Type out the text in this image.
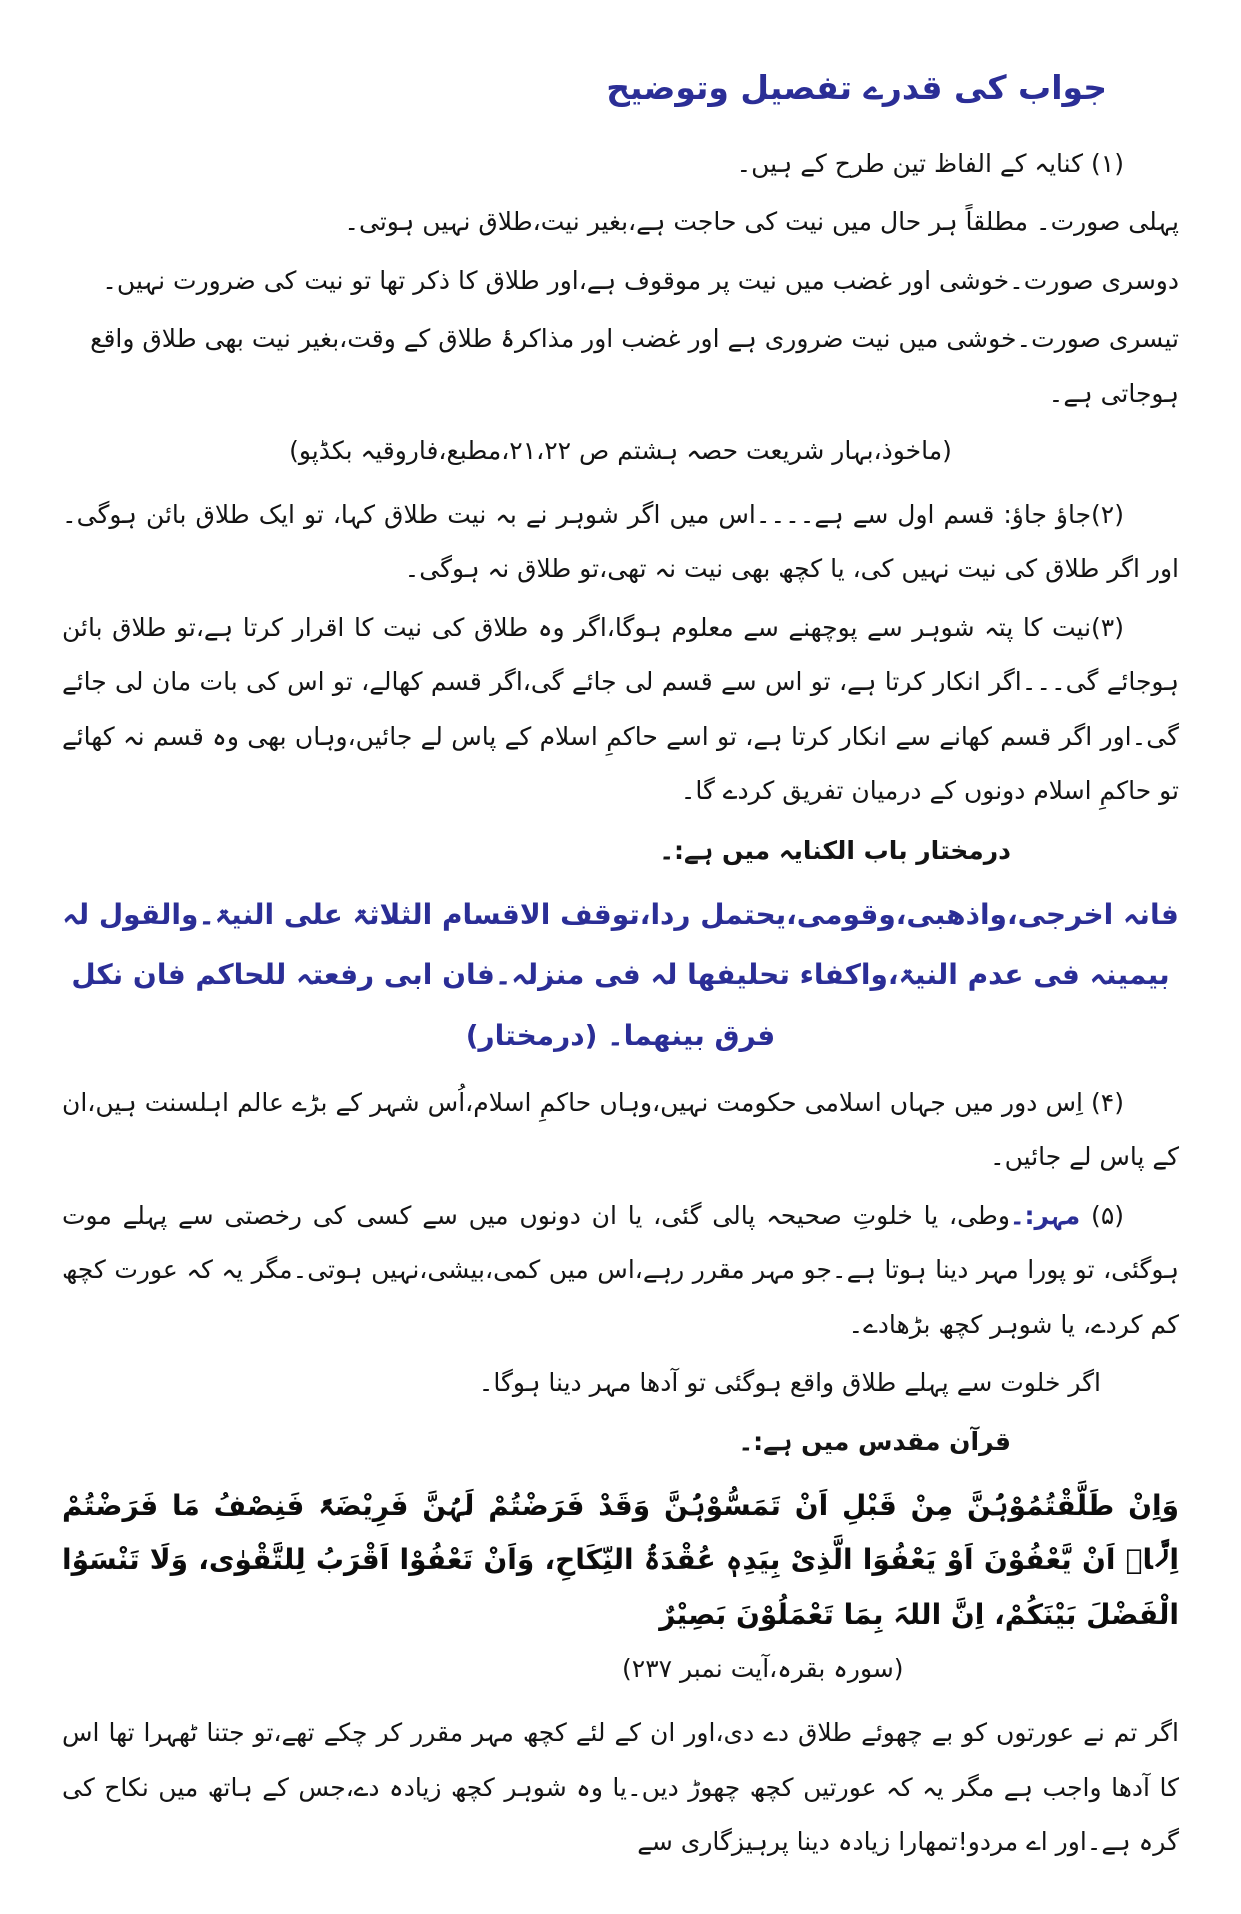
جواب کی قدرے تفصیل وتوضیح

(۱) کنایہ کے الفاظ تین طرح کے ہیں۔

پہلی صورت۔ مطلقاً ہر حال میں نیت کی حاجت ہے،بغیر نیت،طلاق نہیں ہوتی۔

دوسری صورت۔خوشی اور غضب میں نیت پر موقوف ہے،اور طلاق کا ذکر تھا تو نیت کی ضرورت نہیں۔

تیسری صورت۔خوشی میں نیت ضروری ہے اور غضب اور مذاکرۂ طلاق کے وقت،بغیر نیت بھی طلاق واقع ہوجاتی ہے۔

(ماخوذ،بہار شریعت حصہ ہشتم ص ۲۱،۲۲،مطبع،فاروقیہ بکڈپو)

(۲)جاؤ جاؤ: قسم اول سے ہے۔۔۔۔اس میں اگر شوہر نے بہ نیت طلاق کہا، تو ایک طلاق بائن ہوگی۔اور اگر طلاق کی نیت نہیں کی، یا کچھ بھی نیت نہ تھی،تو طلاق نہ ہوگی۔

(۳)نیت کا پتہ شوہر سے پوچھنے سے معلوم ہوگا،اگر وہ طلاق کی نیت کا اقرار کرتا ہے،تو طلاق بائن ہوجائے گی۔۔۔اگر انکار کرتا ہے، تو اس سے قسم لی جائے گی،اگر قسم کھالے، تو اس کی بات مان لی جائے گی۔اور اگر قسم کھانے سے انکار کرتا ہے، تو اسے حاکمِ اسلام کے پاس لے جائیں،وہاں بھی وہ قسم نہ کھائے تو حاکمِ اسلام دونوں کے درمیان تفریق کردے گا۔

درمختار باب الکنایہ میں ہے:۔

فانہ اخرجی،واذھبی،وقومی،یحتمل ردا،توقف الاقسام الثلاثۃ علی النیۃ۔والقول لہ بیمینہ فی عدم النیۃ،واکفاء تحلیفھا لہ فی منزلہ۔فان ابی رفعتہ للحاکم فان نکل فرق بینھما۔ (درمختار)

(۴) اِس دور میں جہاں اسلامی حکومت نہیں،وہاں حاکمِ اسلام،اُس شہر کے بڑے عالم اہلسنت ہیں،ان کے پاس لے جائیں۔

(۵) مہر:۔وطی، یا خلوتِ صحیحہ پالی گئی، یا ان دونوں میں سے کسی کی رخصتی سے پہلے موت ہوگئی، تو پورا مہر دینا ہوتا ہے۔جو مہر مقرر رہے،اس میں کمی،بیشی،نہیں ہوتی۔مگر یہ کہ عورت کچھ کم کردے، یا شوہر کچھ بڑھادے۔

اگر خلوت سے پہلے طلاق واقع ہوگئی تو آدھا مہر دینا ہوگا۔

قرآن مقدس میں ہے:۔

وَاِنْ طَلَّقْتُمُوْہُنَّ مِنْ قَبْلِ اَنْ تَمَسُّوْہُنَّ وَقَدْ فَرَضْتُمْ لَہُنَّ فَرِیْضَۃً فَنِصْفُ مَا فَرَضْتُمْ اِلَّاۤ اَنْ یَّعْفُوْنَ اَوْ یَعْفُوَا الَّذِیْ بِیَدِہٖ عُقْدَۃُ النِّکَاحِ، وَاَنْ تَعْفُوْا اَقْرَبُ لِلتَّقْوٰی، وَلَا تَنْسَوُا الْفَضْلَ بَیْنَکُمْ، اِنَّ اللہَ بِمَا تَعْمَلُوْنَ بَصِیْرٌ

(سورہ بقرہ،آیت نمبر ۲۳۷)

اگر تم نے عورتوں کو بے چھوئے طلاق دے دی،اور ان کے لئے کچھ مہر مقرر کر چکے تھے،تو جتنا ٹھہرا تھا اس کا آدھا واجب ہے مگر یہ کہ عورتیں کچھ چھوڑ دیں۔یا وہ شوہر کچھ زیادہ دے،جس کے ہاتھ میں نکاح کی گرہ ہے۔اور اے مردو!تمھارا زیادہ دینا پرہیزگاری سے
